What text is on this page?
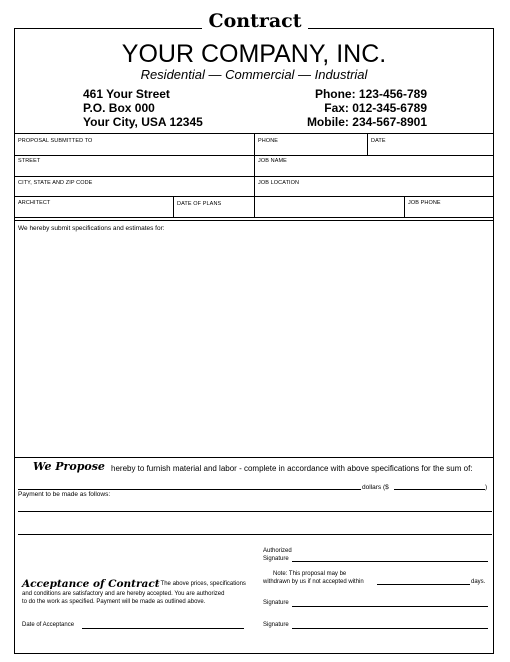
Contract
YOUR COMPANY, INC.
Residential — Commercial — Industrial
461 Your Street
P.O. Box 000
Your City, USA 12345
Phone: 123-456-789
Fax: 012-345-6789
Mobile: 234-567-8901
PROPOSAL SUBMITTED TO	PHONE	DATE
STREET	JOB NAME
CITY, STATE AND ZIP CODE	JOB LOCATION
ARCHITECT	DATE OF PLANS	JOB PHONE
We hereby submit specifications and estimates for:
We Propose hereby to furnish material and labor - complete in accordance with above specifications for the sum of:
dollars ($	)
Payment to be made as follows:
Authorized
Signature
Note: This proposal may be
withdrawn by us if not accepted within	days.
Acceptance of Contract
- The above prices, specifications
and conditions are satisfactory and are hereby accepted. You are authorized
to do the work as specified. Payment will be made as outlined above.	Signature
Date of Acceptance	Signature
